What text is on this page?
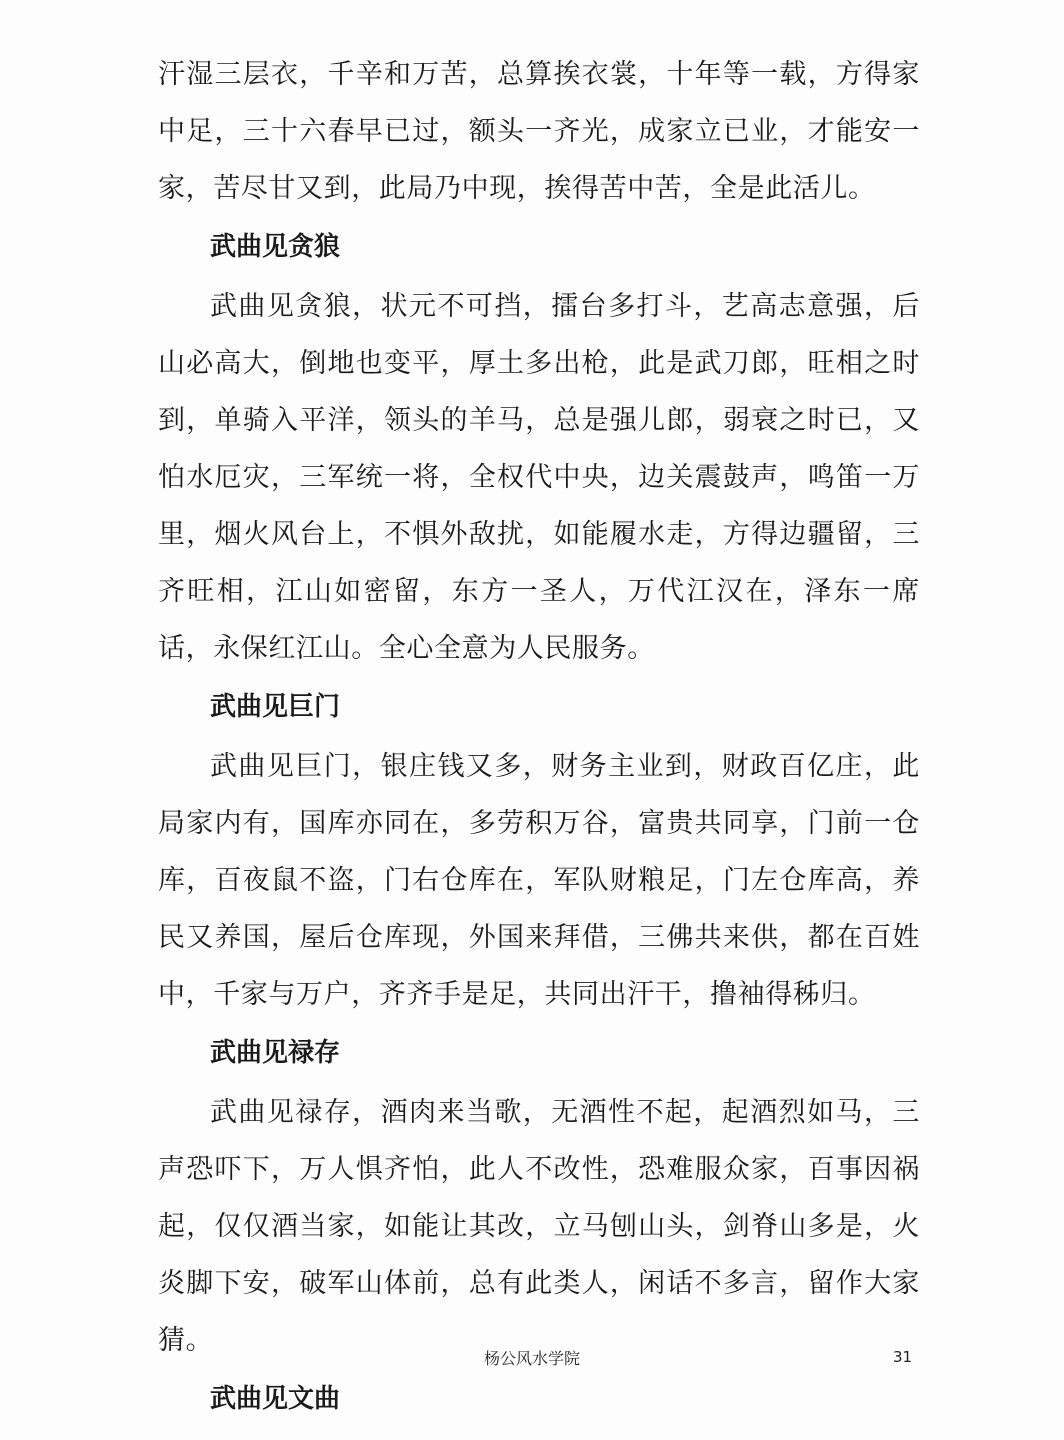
汗湿三层衣，千辛和万苦，总算挨衣裳，十年等一载，方得家中足，三十六春早已过，额头一齐光，成家立已业，才能安一家，苦尽甘又到，此局乃中现，挨得苦中苦，全是此活儿。

武曲见贪狼

武曲见贪狼，状元不可挡，擂台多打斗，艺高志意强，后山必高大，倒地也变平，厚土多出枪，此是武刀郎，旺相之时到，单骑入平洋，领头的羊马，总是强儿郎，弱衰之时已，又怕水厄灾，三军统一将，全权代中央，边关震鼓声，鸣笛一万里，烟火风台上，不惧外敌扰，如能履水走，方得边疆留，三齐旺相，江山如密留，东方一圣人，万代江汉在，泽东一席话，永保红江山。全心全意为人民服务。

武曲见巨门

武曲见巨门，银庄钱又多，财务主业到，财政百亿庄，此局家内有，国库亦同在，多劳积万谷，富贵共同享，门前一仓库，百夜鼠不盗，门右仓库在，军队财粮足，门左仓库高，养民又养国，屋后仓库现，外国来拜借，三佛共来供，都在百姓中，千家与万户，齐齐手是足，共同出汗干，撸袖得秭归。

武曲见禄存

武曲见禄存，酒肉来当歌，无酒性不起，起酒烈如马，三声恐吓下，万人惧齐怕，此人不改性，恐难服众家，百事因祸起，仅仅酒当家，如能让其改，立马刨山头，剑脊山多是，火炎脚下安，破军山体前，总有此类人，闲话不多言，留作大家猜。

武曲见文曲
杨公风水学院	31
